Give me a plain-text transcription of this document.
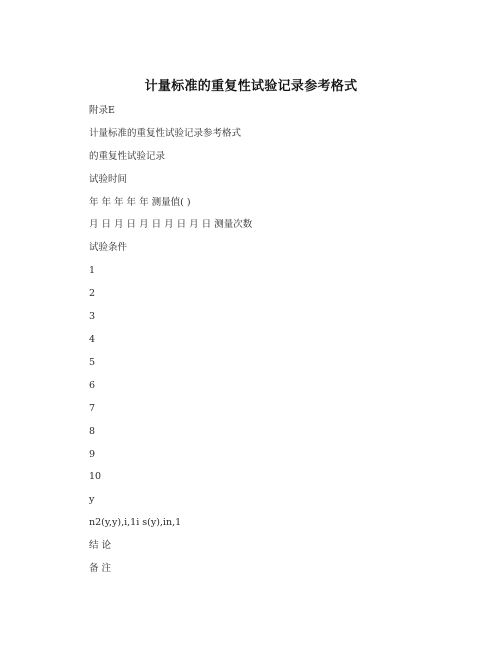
计量标准的重复性试验记录参考格式
附录E
计量标准的重复性试验记录参考格式
的重复性试验记录
试验时间
年 年 年 年 年 测量值( )
月 日 月 日 月 日 月 日 月 日 测量次数
试验条件
1
2
3
4
5
6
7
8
9
10
y
n2(y,y),i,1i s(y),in,1
结 论
备 注
